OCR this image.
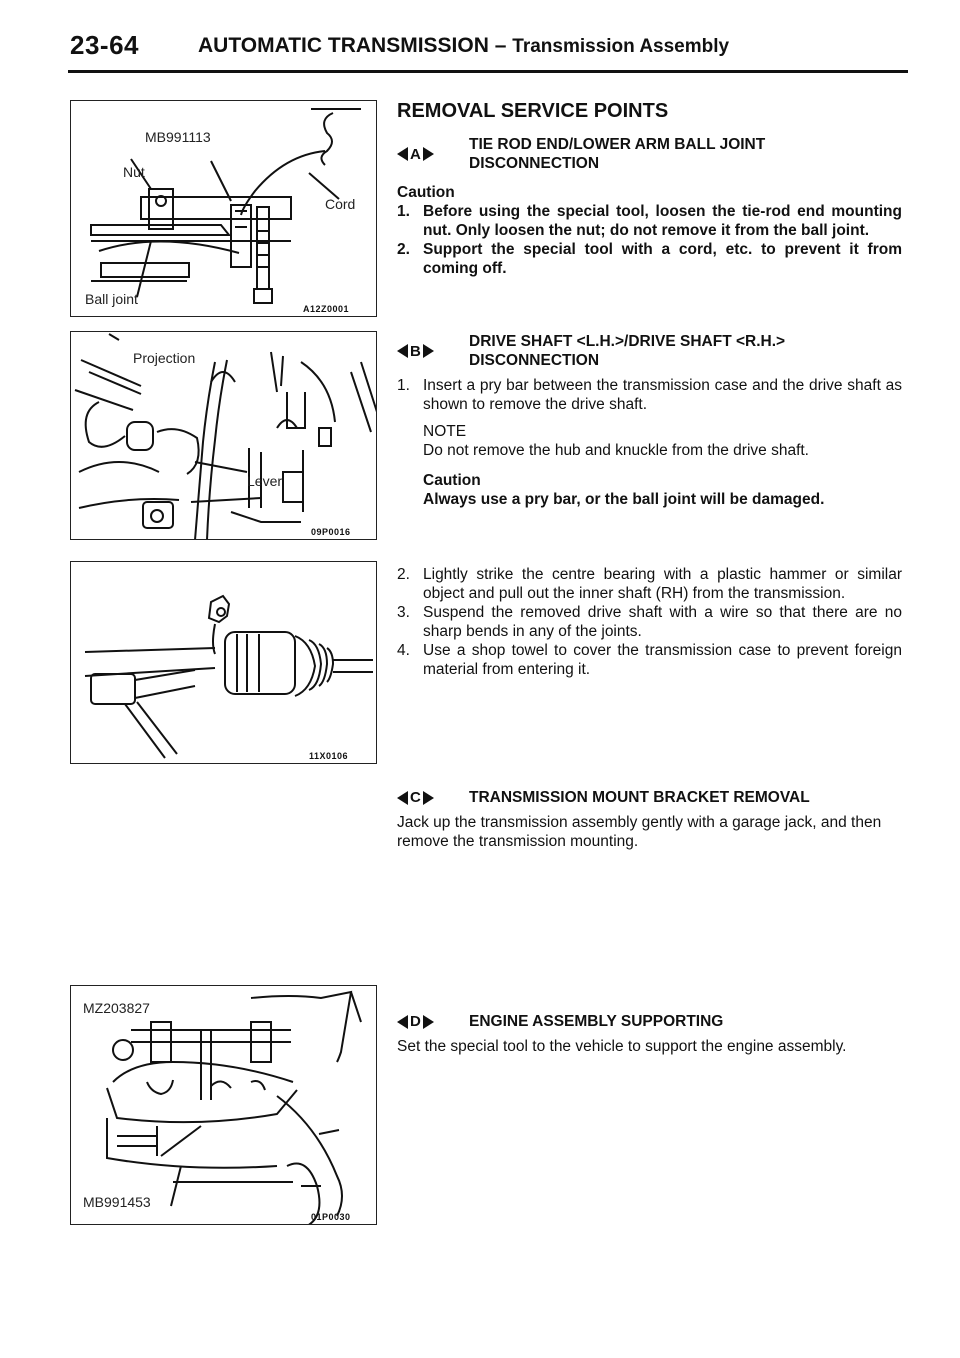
23-64	AUTOMATIC TRANSMISSION – Transmission Assembly
MB991113
Nut
Cord
Ball joint
A12Z0001
Projection
Lever
09P0016
11X0106
MZ203827
MB991453
01P0030
REMOVAL SERVICE POINTS
A
TIE ROD END/LOWER ARM BALL JOINT
DISCONNECTION
Caution
1. Before using the special tool, loosen the tie-rod end mounting nut. Only loosen the nut; do not remove it from the ball joint.
2. Support the special tool with a cord, etc. to prevent it from coming off.
B
DRIVE SHAFT <L.H.>/DRIVE SHAFT <R.H.>
DISCONNECTION
1. Insert a pry bar between the transmission case and the drive shaft as shown to remove the drive shaft.
NOTE
Do not remove the hub and knuckle from the drive shaft.
Caution
Always use a pry bar, or the ball joint will be damaged.
2. Lightly strike the centre bearing with a plastic hammer or similar object and pull out the inner shaft (RH) from the transmission.
3. Suspend the removed drive shaft with a wire so that there are no sharp bends in any of the joints.
4. Use a shop towel to cover the transmission case to prevent foreign material from entering it.
C	TRANSMISSION MOUNT BRACKET REMOVAL
Jack up the transmission assembly gently with a garage jack, and then remove the transmission mounting.
D	ENGINE ASSEMBLY SUPPORTING
Set the special tool to the vehicle to support the engine assembly.
